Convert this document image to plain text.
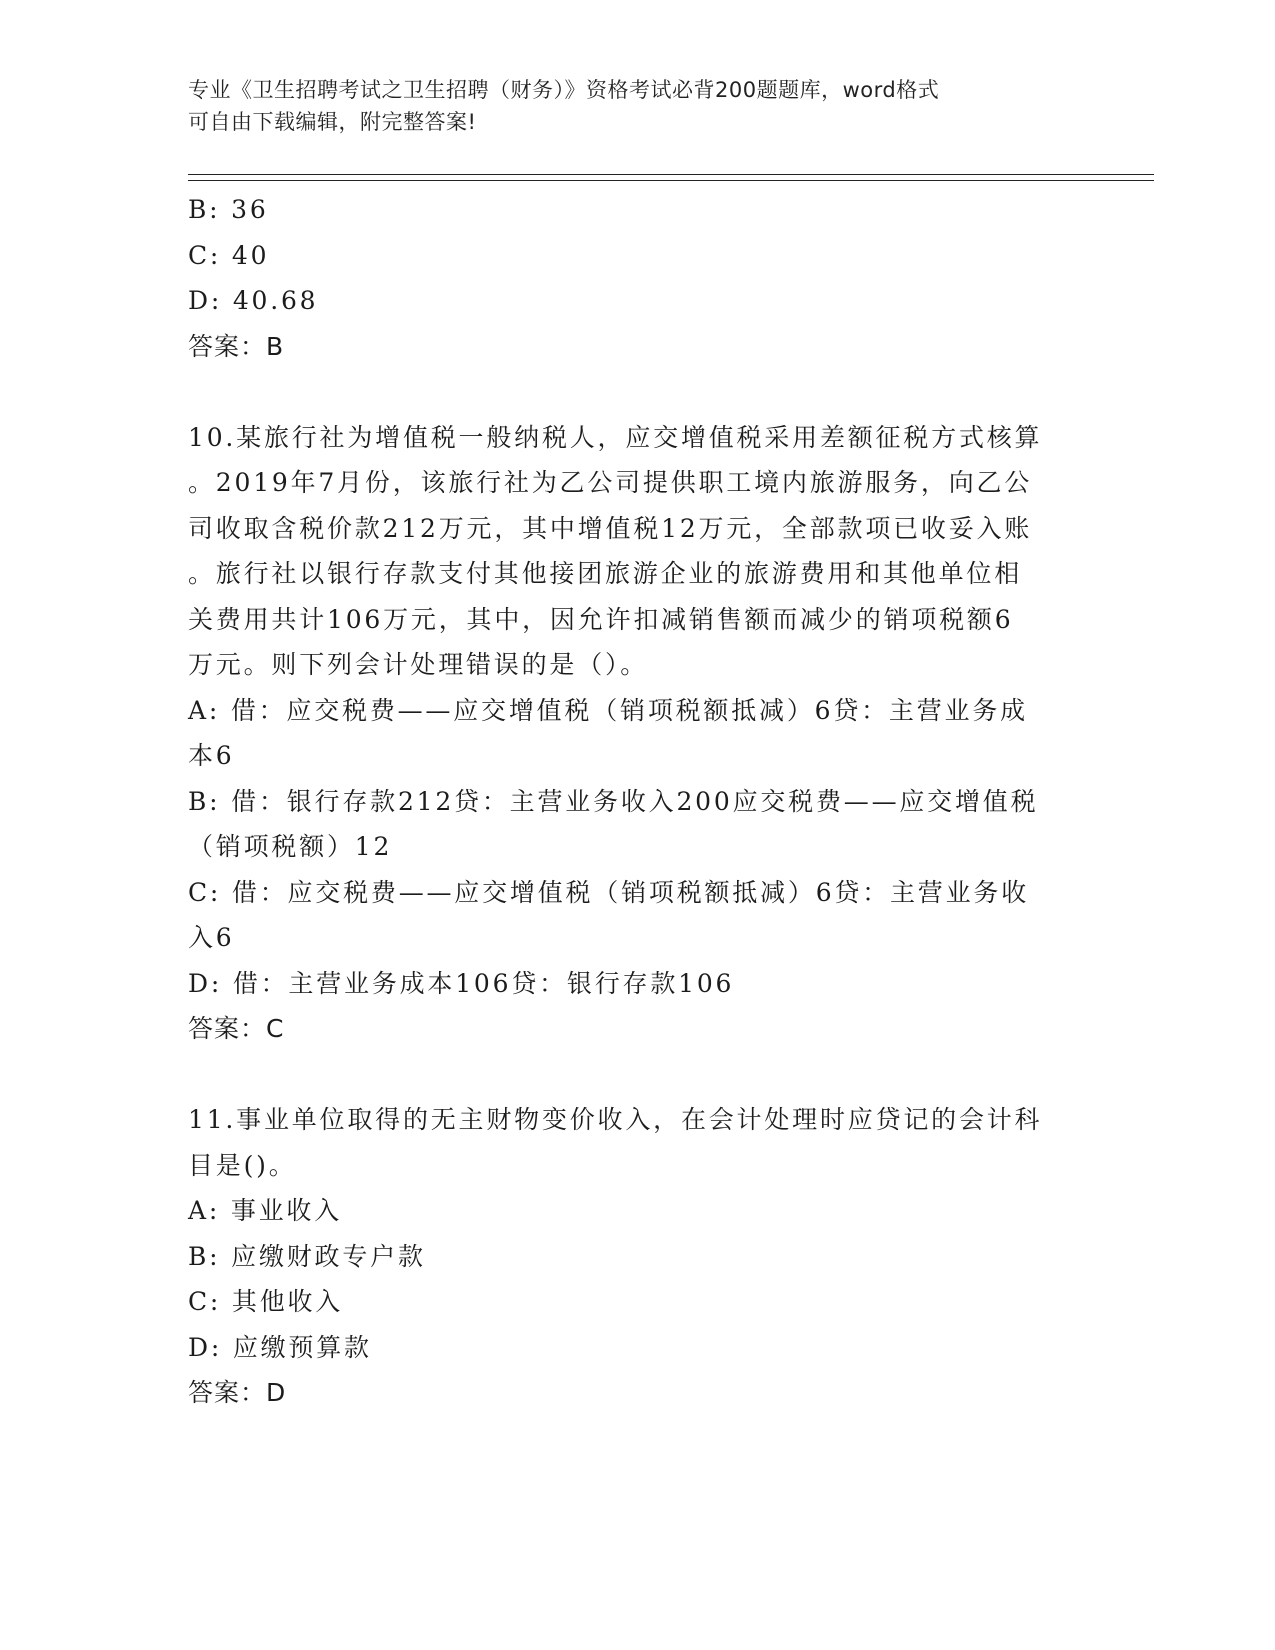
专业《卫生招聘考试之卫生招聘（财务）》资格考试必背200题题库，word格式
可自由下载编辑，附完整答案!
B: 36
C: 40
D: 40.68
答案：B
10.某旅行社为增值税一般纳税人，应交增值税采用差额征税方式核算
。2019年7月份，该旅行社为乙公司提供职工境内旅游服务，向乙公
司收取含税价款212万元，其中增值税12万元，全部款项已收妥入账
。旅行社以银行存款支付其他接团旅游企业的旅游费用和其他单位相
关费用共计106万元，其中，因允许扣减销售额而减少的销项税额6
万元。则下列会计处理错误的是（）。
A: 借：应交税费——应交增值税（销项税额抵减）6贷：主营业务成
本6
B: 借：银行存款212贷：主营业务收入200应交税费——应交增值税
（销项税额）12
C: 借：应交税费——应交增值税（销项税额抵减）6贷：主营业务收
入6
D: 借：主营业务成本106贷：银行存款106
答案：C
11.事业单位取得的无主财物变价收入，在会计处理时应贷记的会计科
目是()。
A: 事业收入
B: 应缴财政专户款
C: 其他收入
D: 应缴预算款
答案：D
